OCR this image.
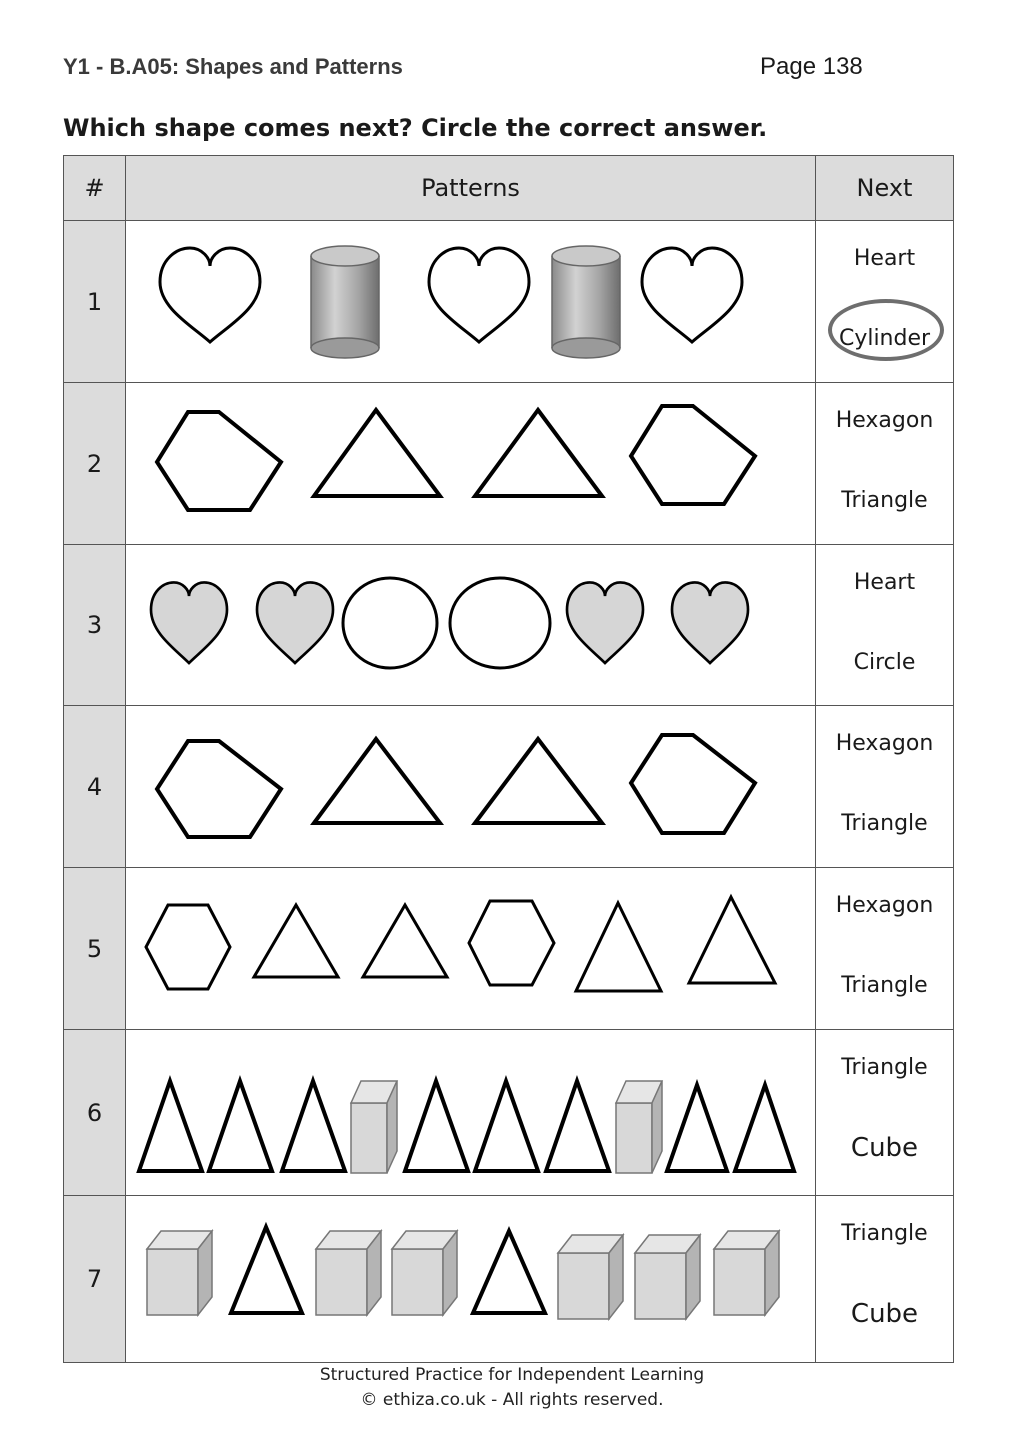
Y1 - B.A05: Shapes and Patterns	Page 138
Which shape comes next? Circle the correct answer.
#	Patterns	Next
1		Heart
Cylinder

2		Hexagon
Triangle

3		Heart
Circle

4		Hexagon
Triangle

5		Hexagon
Triangle

6		Triangle
Cube

7		Triangle
Cube
Structured Practice for Independent Learning
© ethiza.co.uk - All rights reserved.
